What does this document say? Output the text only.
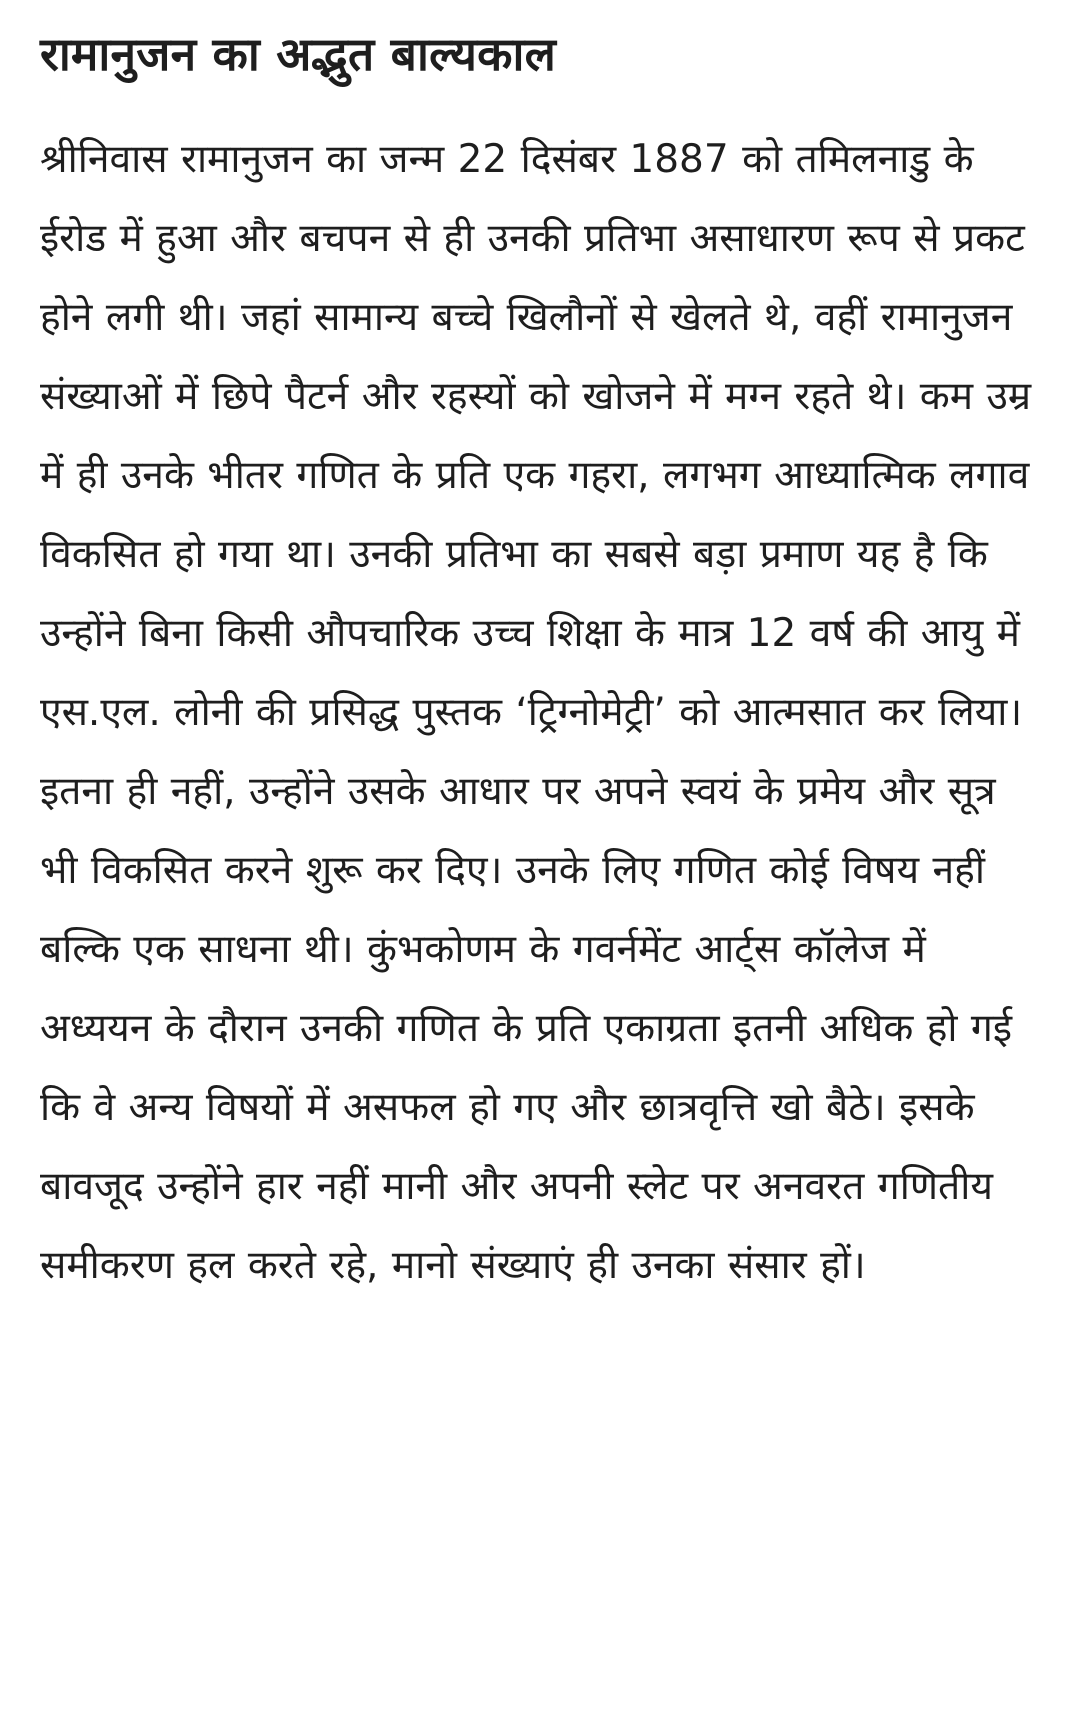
रामानुजन का अद्भुत बाल्यकाल

श्रीनिवास रामानुजन का जन्म 22 दिसंबर 1887 को तमिलनाडु के ईरोड में हुआ और बचपन से ही उनकी प्रतिभा असाधारण रूप से प्रकट होने लगी थी। जहां सामान्य बच्चे खिलौनों से खेलते थे, वहीं रामानुजन संख्याओं में छिपे पैटर्न और रहस्यों को खोजने में मग्न रहते थे। कम उम्र में ही उनके भीतर गणित के प्रति एक गहरा, लगभग आध्यात्मिक लगाव विकसित हो गया था। उनकी प्रतिभा का सबसे बड़ा प्रमाण यह है कि उन्होंने बिना किसी औपचारिक उच्च शिक्षा के मात्र 12 वर्ष की आयु में एस.एल. लोनी की प्रसिद्ध पुस्तक ‘ट्रिग्नोमेट्री’ को आत्मसात कर लिया। इतना ही नहीं, उन्होंने उसके आधार पर अपने स्वयं के प्रमेय और सूत्र भी विकसित करने शुरू कर दिए। उनके लिए गणित कोई विषय नहीं बल्कि एक साधना थी। कुंभकोणम के गवर्नमेंट आर्ट्स कॉलेज में अध्ययन के दौरान उनकी गणित के प्रति एकाग्रता इतनी अधिक हो गई कि वे अन्य विषयों में असफल हो गए और छात्रवृत्ति खो बैठे। इसके बावजूद उन्होंने हार नहीं मानी और अपनी स्लेट पर अनवरत गणितीय समीकरण हल करते रहे, मानो संख्याएं ही उनका संसार हों।
